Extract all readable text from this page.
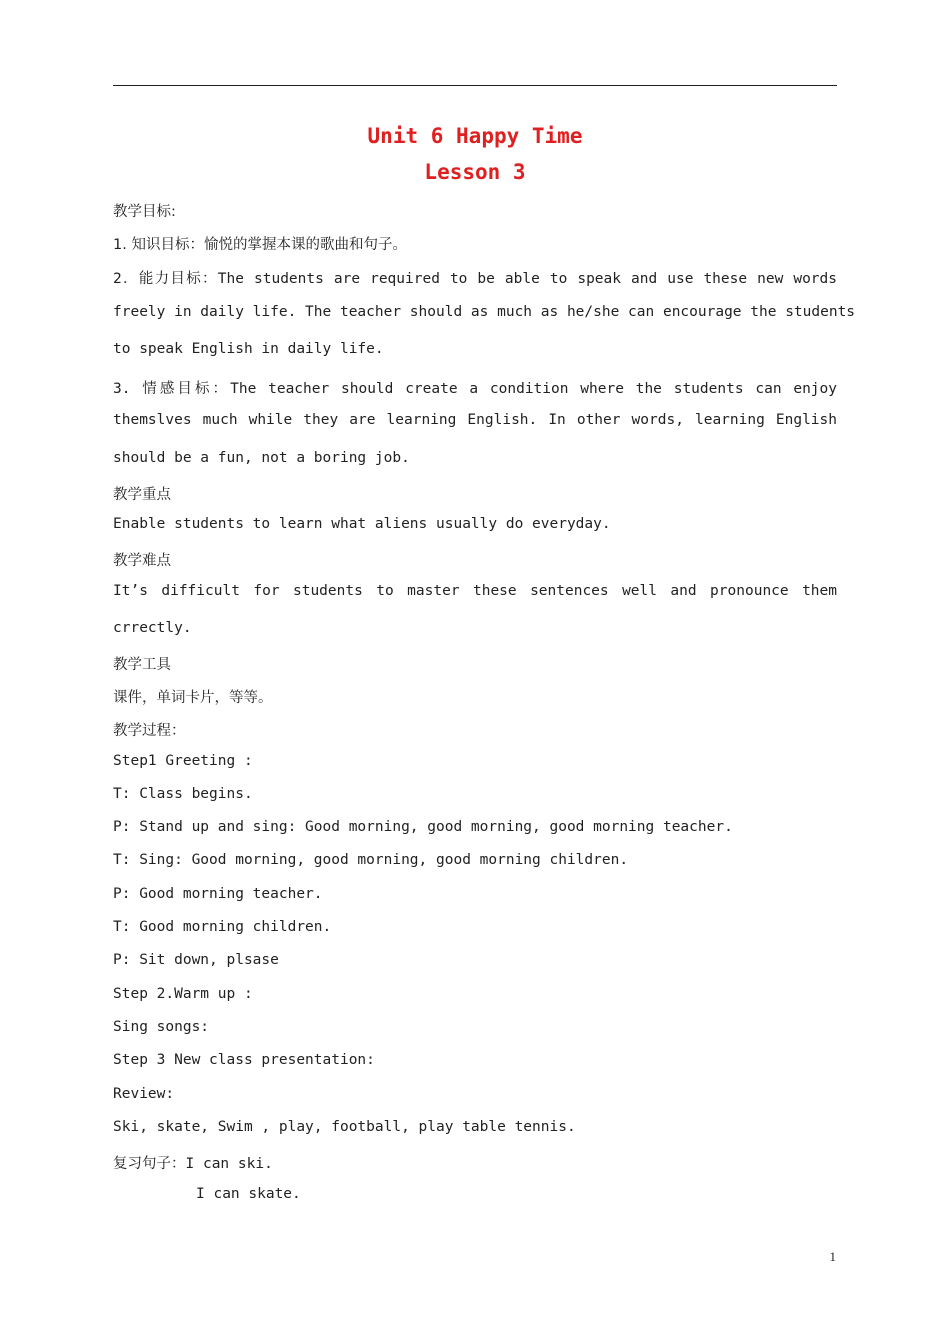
Unit 6 Happy Time
Lesson 3
教学目标:
1. 知识目标：愉悦的掌握本课的歌曲和句子。
2．能力目标：The students are required to be able to speak and use these new words
freely in daily life. The teacher should as much as he/she can encourage the students
to speak English in daily life.
3. 情感目标：The teacher should create a condition where the students can enjoy
themslves much while they are learning English. In other words, learning English
should be a fun, not a boring job.
教学重点
Enable students to learn what aliens usually do everyday.
教学难点
It’s difficult for students to master these sentences well and pronounce them
crrectly.
教学工具
课件，单词卡片，等等。
教学过程：
Step1 Greeting :
T: Class begins.
P: Stand up and sing: Good morning, good morning, good morning teacher.
T: Sing: Good morning, good morning, good morning children.
P: Good morning teacher.
T: Good morning children.
P: Sit down, plsase
Step 2.Warm up :
Sing songs:
Step 3 New class presentation:
Review:
Ski, skate, Swim , play, football, play table tennis.
复习句子：I can ski.
I can skate.
1
